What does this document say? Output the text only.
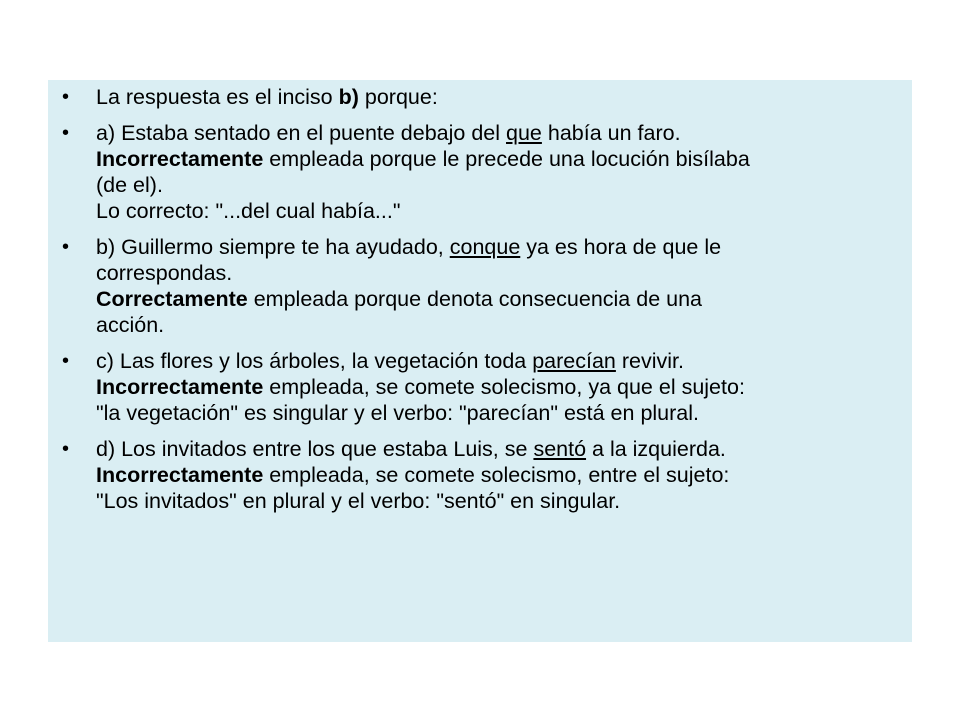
• La respuesta es el inciso b) porque:
• a) Estaba sentado en el puente debajo del que había un faro.
Incorrectamente empleada porque le precede una locución bisílaba
(de el).
Lo correcto: "...del cual había..."
• b) Guillermo siempre te ha ayudado, conque ya es hora de que le
correspondas.
Correctamente empleada porque denota consecuencia de una
acción.
• c) Las flores y los árboles, la vegetación toda parecían revivir.
Incorrectamente empleada, se comete solecismo, ya que el sujeto:
"la vegetación" es singular y el verbo: "parecían" está en plural.
• d) Los invitados entre los que estaba Luis, se sentó a la izquierda.
Incorrectamente empleada, se comete solecismo, entre el sujeto:
"Los invitados" en plural y el verbo: "sentó" en singular.
